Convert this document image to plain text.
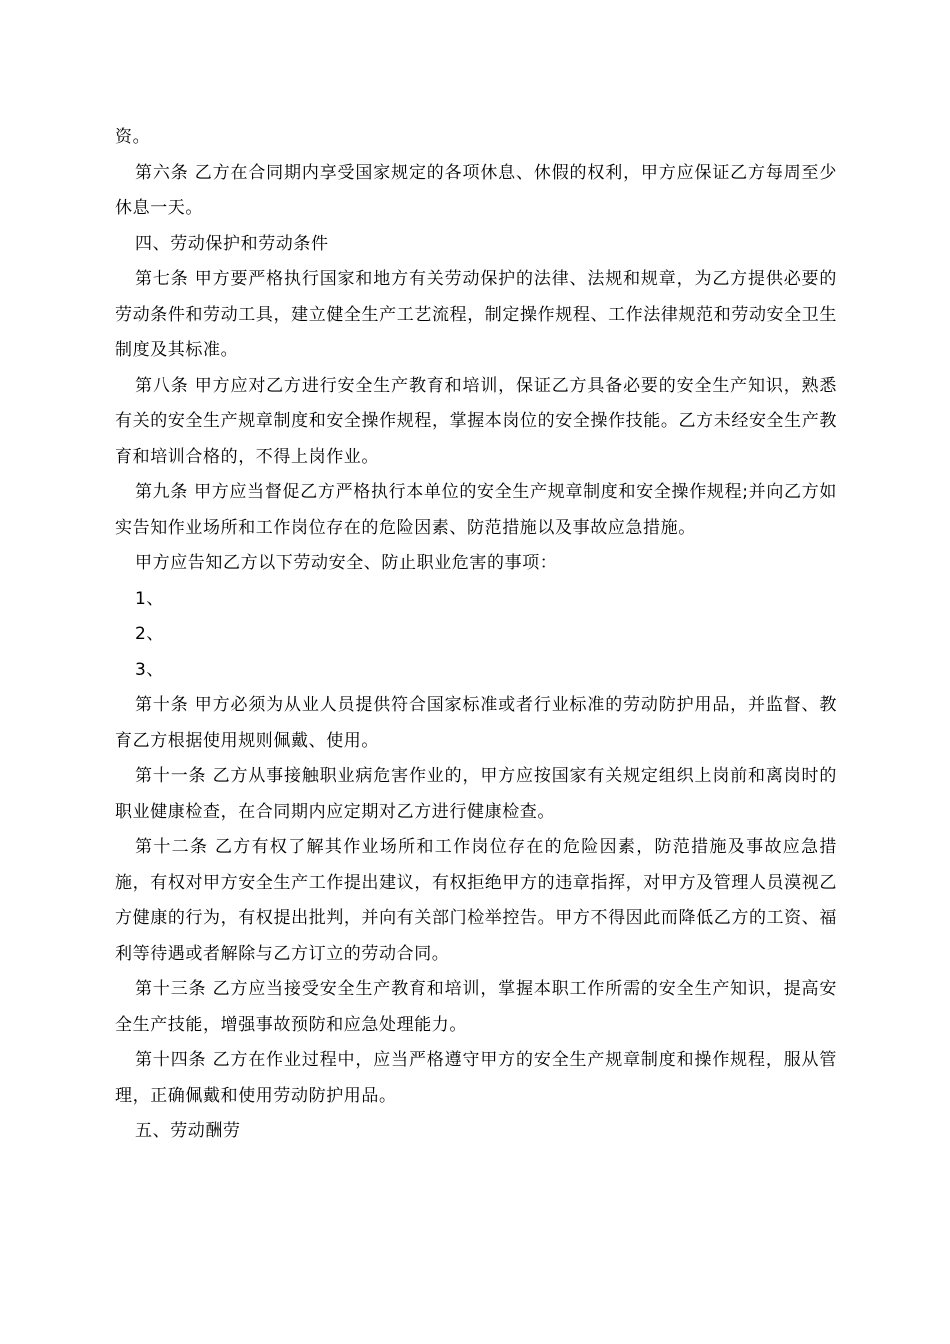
资。

第六条 乙方在合同期内享受国家规定的各项休息、休假的权利，甲方应保证乙方每周至少休息一天。

四、劳动保护和劳动条件

第七条 甲方要严格执行国家和地方有关劳动保护的法律、法规和规章，为乙方提供必要的劳动条件和劳动工具，建立健全生产工艺流程，制定操作规程、工作法律规范和劳动安全卫生制度及其标准。

第八条 甲方应对乙方进行安全生产教育和培训，保证乙方具备必要的安全生产知识，熟悉有关的安全生产规章制度和安全操作规程，掌握本岗位的安全操作技能。乙方未经安全生产教育和培训合格的，不得上岗作业。

第九条 甲方应当督促乙方严格执行本单位的安全生产规章制度和安全操作规程;并向乙方如实告知作业场所和工作岗位存在的危险因素、防范措施以及事故应急措施。

甲方应告知乙方以下劳动安全、防止职业危害的事项：

1、

2、

3、

第十条 甲方必须为从业人员提供符合国家标准或者行业标准的劳动防护用品，并监督、教育乙方根据使用规则佩戴、使用。

第十一条 乙方从事接触职业病危害作业的，甲方应按国家有关规定组织上岗前和离岗时的职业健康检查，在合同期内应定期对乙方进行健康检查。

第十二条 乙方有权了解其作业场所和工作岗位存在的危险因素，防范措施及事故应急措施，有权对甲方安全生产工作提出建议，有权拒绝甲方的违章指挥，对甲方及管理人员漠视乙方健康的行为，有权提出批判，并向有关部门检举控告。甲方不得因此而降低乙方的工资、福利等待遇或者解除与乙方订立的劳动合同。

第十三条 乙方应当接受安全生产教育和培训，掌握本职工作所需的安全生产知识，提高安全生产技能，增强事故预防和应急处理能力。

第十四条 乙方在作业过程中，应当严格遵守甲方的安全生产规章制度和操作规程，服从管理，正确佩戴和使用劳动防护用品。

五、劳动酬劳
